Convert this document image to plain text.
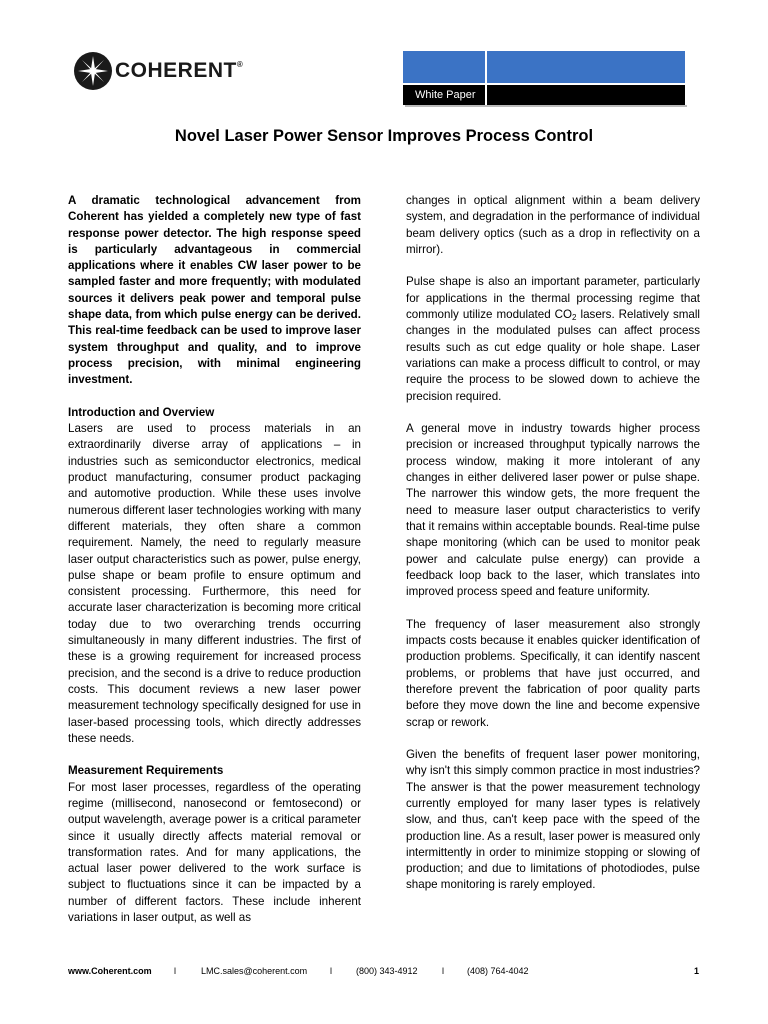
COHERENT®
White Paper
Novel Laser Power Sensor Improves Process Control

A dramatic technological advancement from Coherent has yielded a completely new type of fast response power detector. The high response speed is particularly advantageous in commercial applications where it enables CW laser power to be sampled faster and more frequently; with modulated sources it delivers peak power and temporal pulse shape data, from which pulse energy can be derived. This real-time feedback can be used to improve laser system throughput and quality, and to improve process precision, with minimal engineering investment.

Introduction and Overview

Lasers are used to process materials in an extraordinarily diverse array of applications – in industries such as semiconductor electronics, medical product manufacturing, consumer product packaging and automotive production. While these uses involve numerous different laser technologies working with many different materials, they often share a common requirement. Namely, the need to regularly measure laser output characteristics such as power, pulse energy, pulse shape or beam profile to ensure optimum and consistent processing. Furthermore, this need for accurate laser characterization is becoming more critical today due to two overarching trends occurring simultaneously in many different industries. The first of these is a growing requirement for increased process precision, and the second is a drive to reduce production costs. This document reviews a new laser power measurement technology specifically designed for use in laser-based processing tools, which directly addresses these needs.

Measurement Requirements

For most laser processes, regardless of the operating regime (millisecond, nanosecond or femtosecond) or output wavelength, average power is a critical parameter since it usually directly affects material removal or transformation rates. And for many applications, the actual laser power delivered to the work surface is subject to fluctuations since it can be impacted by a number of different factors. These include inherent variations in laser output, as well as

changes in optical alignment within a beam delivery system, and degradation in the performance of individual beam delivery optics (such as a drop in reflectivity on a mirror).

Pulse shape is also an important parameter, particularly for applications in the thermal processing regime that commonly utilize modulated $CO_2$ lasers. Relatively small changes in the modulated pulses can affect process results such as cut edge quality or hole shape. Laser variations can make a process difficult to control, or may require the process to be slowed down to achieve the precision required.

A general move in industry towards higher process precision or increased throughput typically narrows the process window, making it more intolerant of any changes in either delivered laser power or pulse shape. The narrower this window gets, the more frequent the need to measure laser output characteristics to verify that it remains within acceptable bounds. Real-time pulse shape monitoring (which can be used to monitor peak power and calculate pulse energy) can provide a feedback loop back to the laser, which translates into improved process speed and feature uniformity.

The frequency of laser measurement also strongly impacts costs because it enables quicker identification of production problems. Specifically, it can identify nascent problems, or problems that have just occurred, and therefore prevent the fabrication of poor quality parts before they move down the line and become expensive scrap or rework.

Given the benefits of frequent laser power monitoring, why isn't this simply common practice in most industries? The answer is that the power measurement technology currently employed for many laser types is relatively slow, and thus, can't keep pace with the speed of the production line. As a result, laser power is measured only intermittently in order to minimize stopping or slowing of production; and due to limitations of photodiodes, pulse shape monitoring is rarely employed.

www.Coherent.com l	LMC.sales@coherent.com	l	(800) 343-4912	l	(408) 764-4042	1
